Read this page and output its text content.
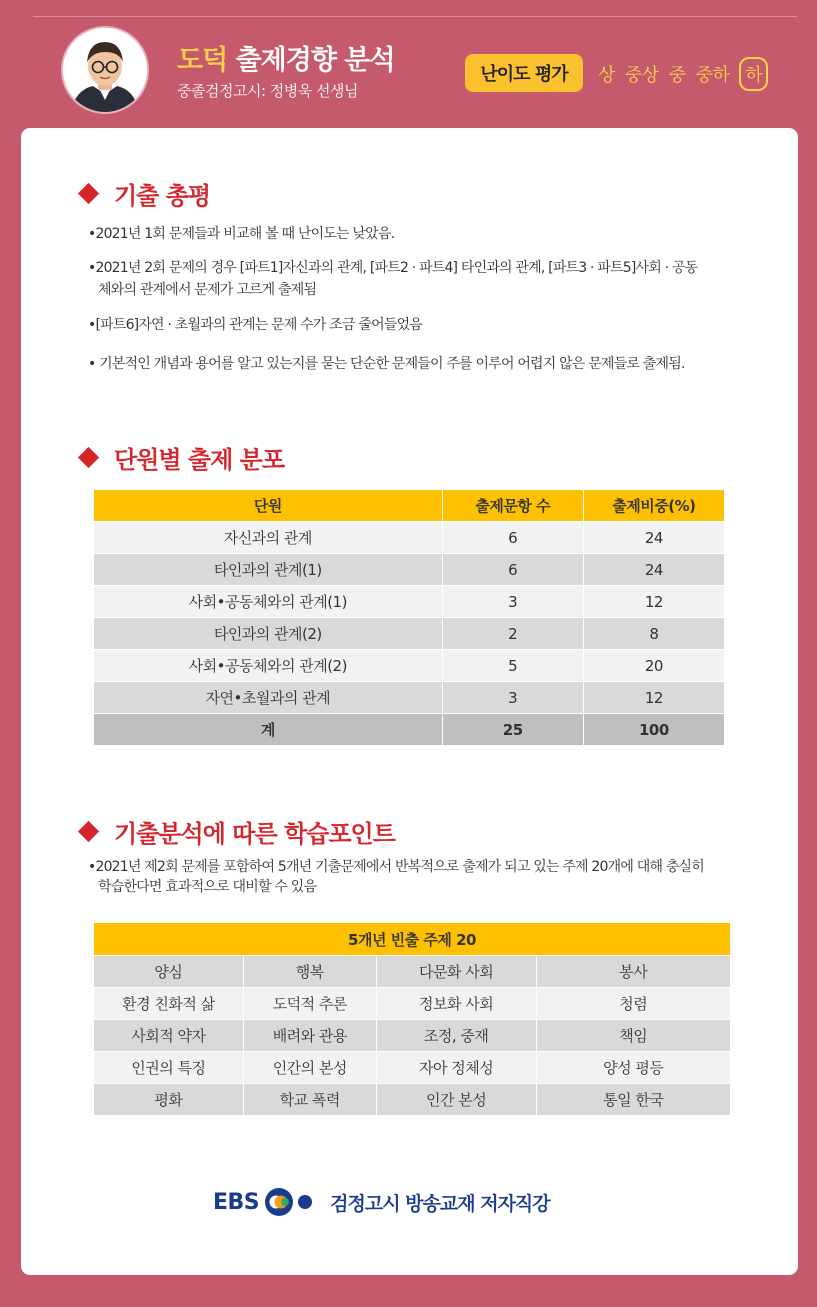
도덕 출제경향 분석
중졸검정고시: 정병욱 선생님
난이도 평가	상 중상 중 중하 하
기출 총평
•2021년 1회 문제들과 비교해 볼 때 난이도는 낮았음.
•2021년 2회 문제의 경우 [파트1]자신과의 관계, [파트2 · 파트4] 타인과의 관계, [파트3 · 파트5]사회 · 공동
체와의 관계에서 문제가 고르게 출제됨
•[파트6]자연 · 초월과의 관계는 문제 수가 조금 줄어들었음
• 기본적인 개념과 용어를 알고 있는지를 묻는 단순한 문제들이 주를 이루어 어렵지 않은 문제들로 출제됨.
단원별 출제 분포
단원	출제문항 수	출제비중(%)
자신과의 관계	6	24
타인과의 관계(1)	6	24
사회•공동체와의 관계(1)	3	12
타인과의 관계(2)	2	8
사회•공동체와의 관계(2)	5	20
자연•초월과의 관계	3	12
계	25	100
기출분석에 따른 학습포인트
•2021년 제2회 문제를 포함하여 5개년 기출문제에서 반복적으로 출제가 되고 있는 주제 20개에 대해 충실히
학습한다면 효과적으로 대비할 수 있음
5개년 빈출 주제 20			
양심	행복	다문화 사회	봉사
환경 친화적 삶	도덕적 추론	정보화 사회	청렴
사회적 약자	배려와 관용	조정, 중재	책임
인권의 특징	인간의 본성	자아 정체성	양성 평등
평화	학교 폭력	인간 본성	통일 한국
EBS	검정고시 방송교재 저자직강
